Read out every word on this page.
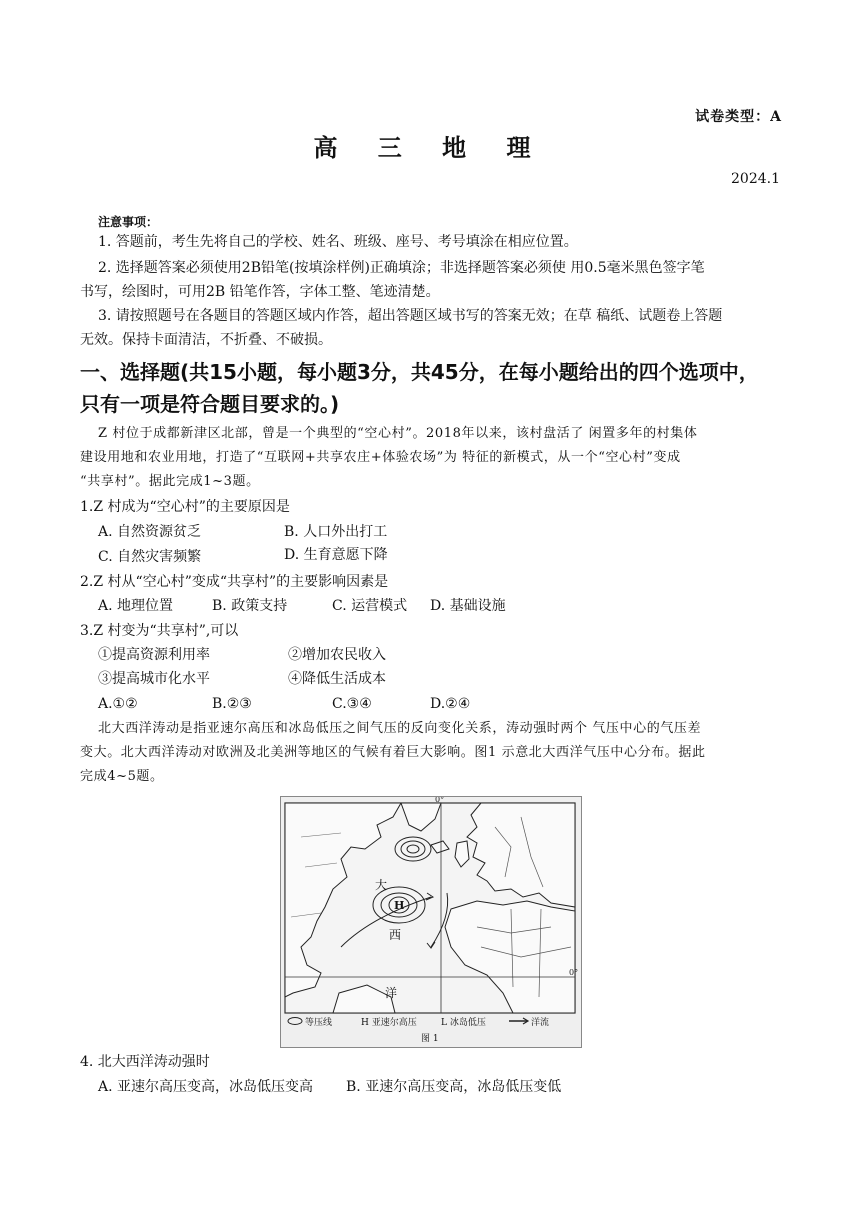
试卷类型：A
高 三 地 理
2024.1
注意事项：
1. 答题前，考生先将自己的学校、姓名、班级、座号、考号填涂在相应位置。
2. 选择题答案必须使用2B铅笔(按填涂样例)正确填涂；非选择题答案必须使 用0.5毫米黑色签字笔
书写，绘图时，可用2B 铅笔作答，字体工整、笔迹清楚。
3. 请按照题号在各题目的答题区域内作答，超出答题区域书写的答案无效；在草 稿纸、试题卷上答题
无效。保持卡面清洁，不折叠、不破损。
一、选择题(共15小题，每小题3分，共45分，在每小题给出的四个选项中，
只有一项是符合题目要求的。)
Z 村位于成都新津区北部，曾是一个典型的“空心村”。2018年以来，该村盘活了 闲置多年的村集体
建设用地和农业用地，打造了“互联网+共享农庄+体验农场”为 特征的新模式，从一个“空心村”变成
“共享村”。据此完成1~3题。
1.Z 村成为“空心村”的主要原因是
A. 自然资源贫乏	B. 人口外出打工
C. 自然灾害频繁	D. 生育意愿下降
2.Z 村从“空心村”变成“共享村”的主要影响因素是
A. 地理位置	B. 政策支持	C. 运营模式 D. 基础设施
3.Z 村变为“共享村”,可以
①提高资源利用率	②增加农民收入
③提高城市化水平	④降低生活成本
A.①②	B.②③	C.③④	D.②④
北大西洋涛动是指亚速尔高压和冰岛低压之间气压的反向变化关系，涛动强时两个 气压中心的气压差
变大。北大西洋涛动对欧洲及北美洲等地区的气候有着巨大影响。图1 示意北大西洋气压中心分布。据此
完成4~5题。
0°
0°
H
大
西
洋
等压线	H 亚速尔高压	L 冰岛低压	洋流
图 1
4. 北大西洋涛动强时
A. 亚速尔高压变高，冰岛低压变高 B. 亚速尔高压变高，冰岛低压变低
